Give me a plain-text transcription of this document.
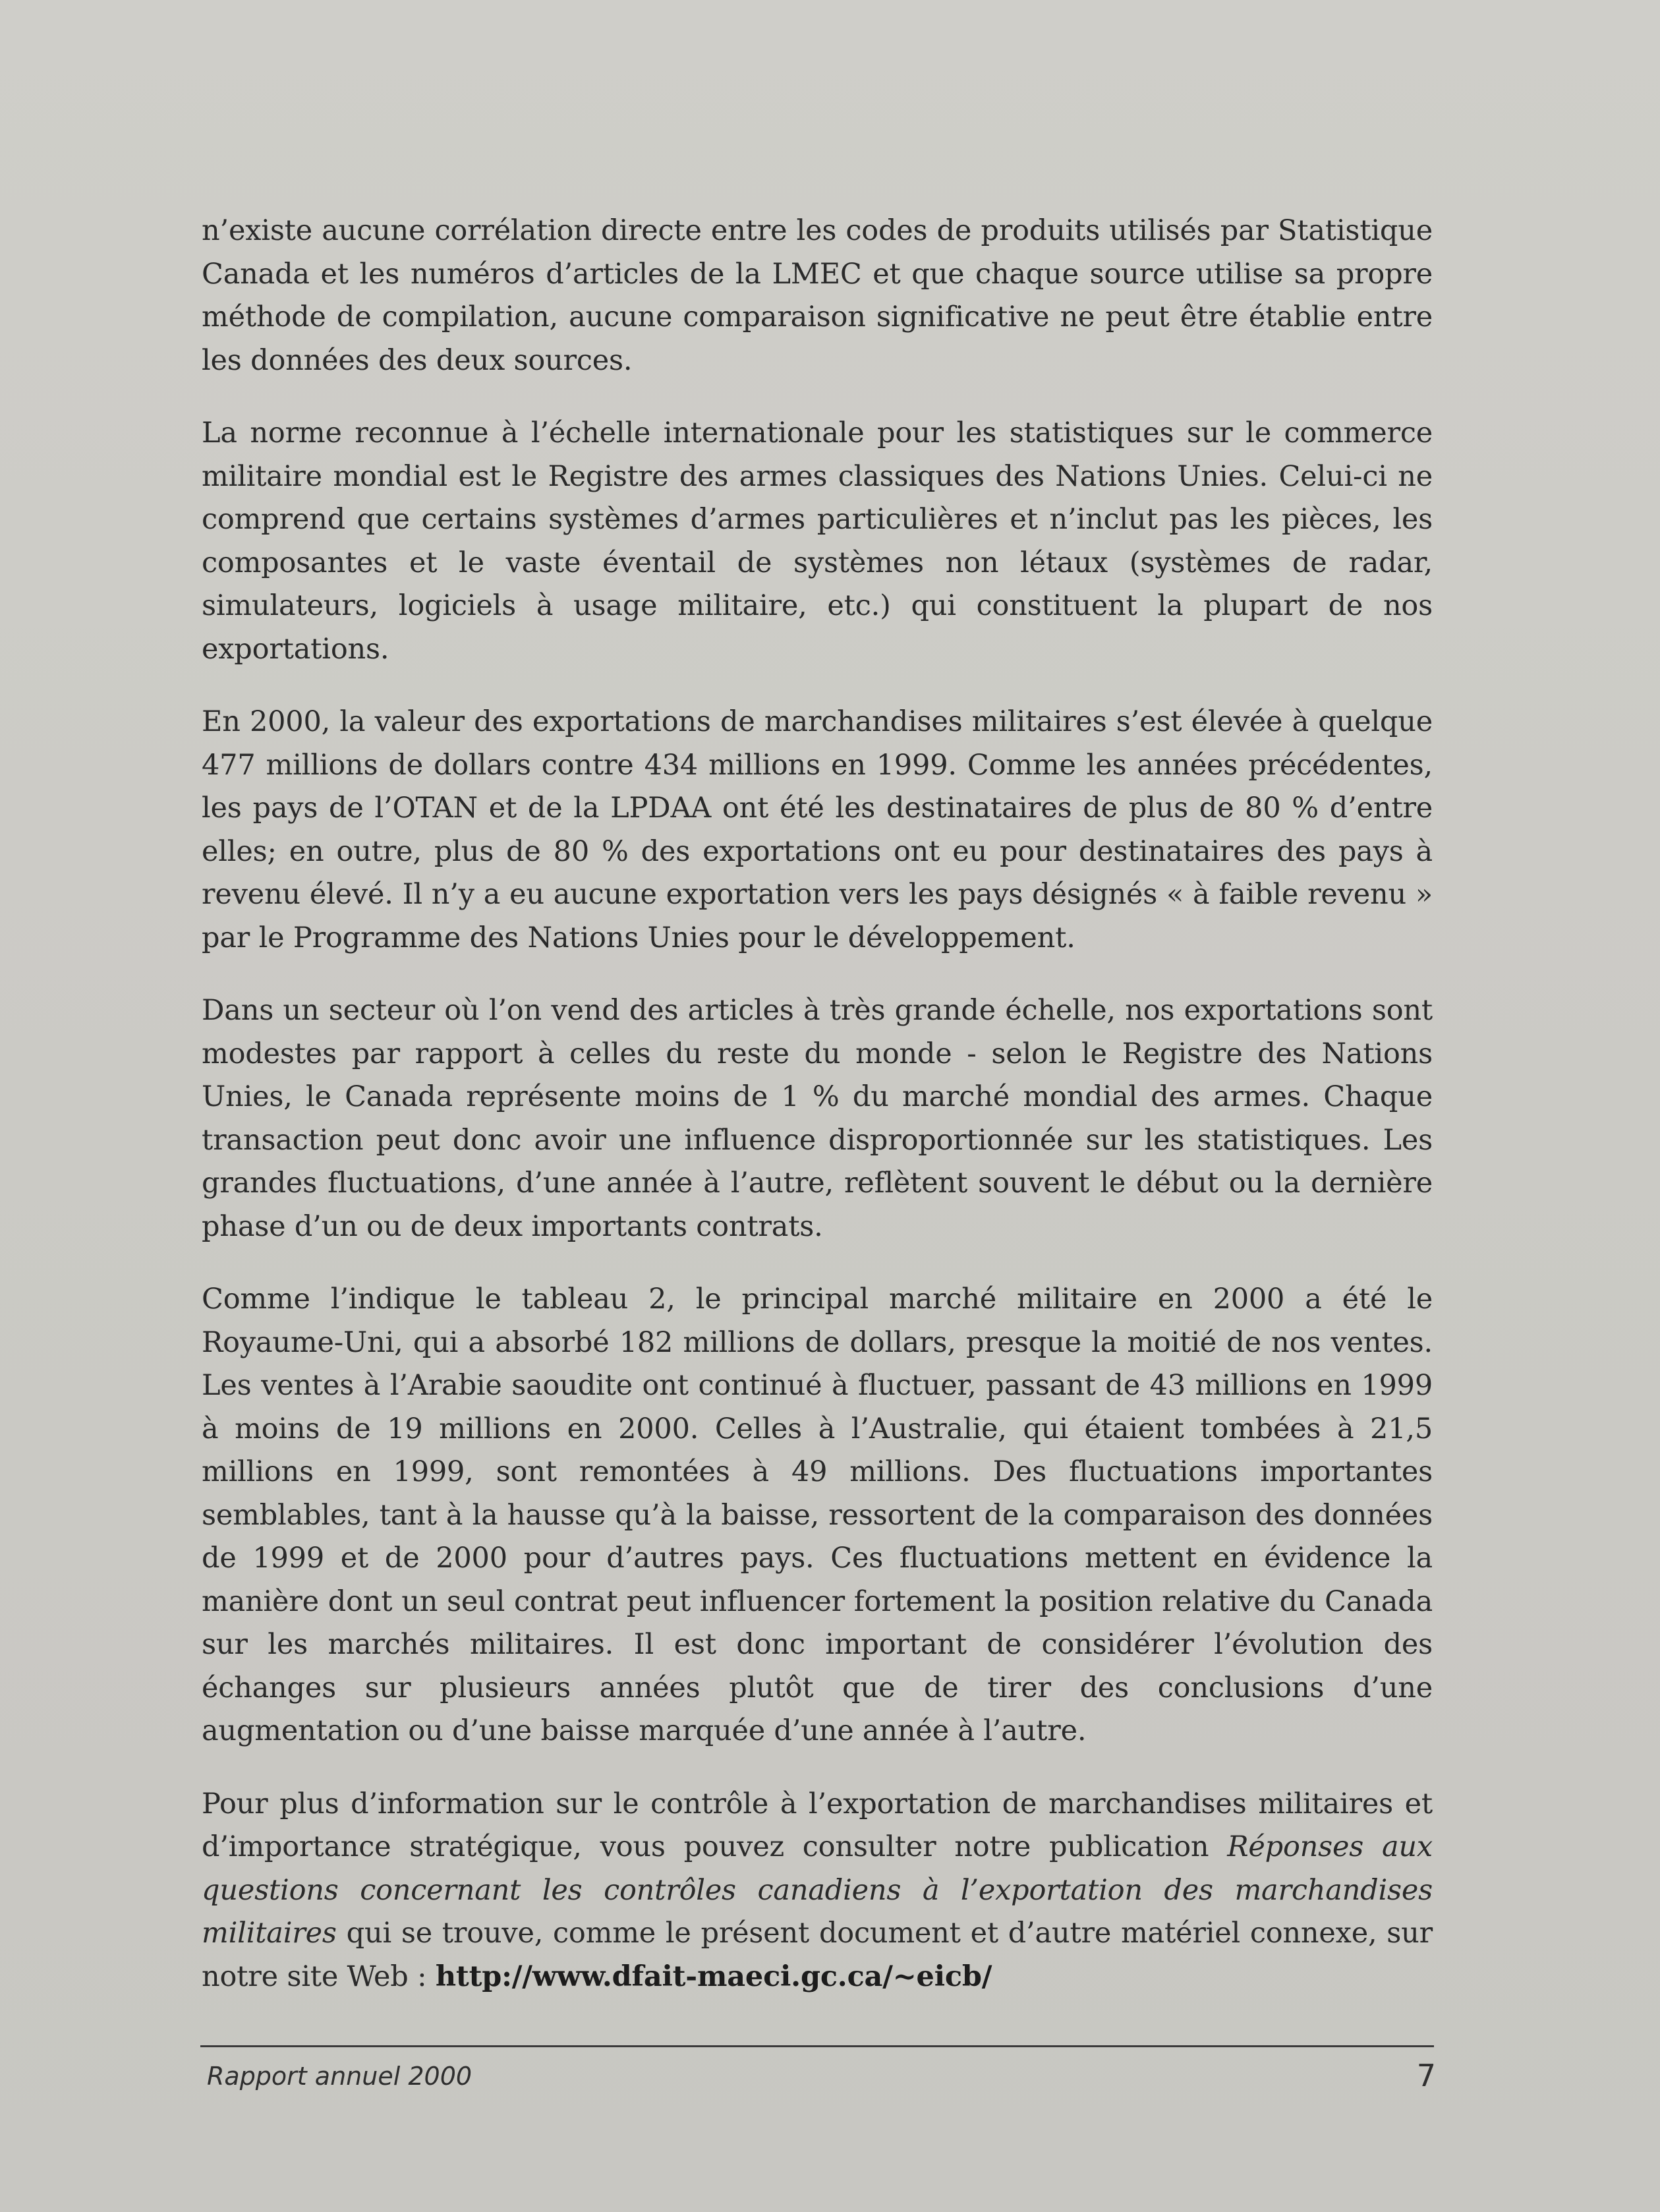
n’existe aucune corrélation directe entre les codes de produits utilisés par Statistique Canada et les numéros d’articles de la LMEC et que chaque source utilise sa propre méthode de compilation, aucune comparaison significative ne peut être établie entre les données des deux sources.

La norme reconnue à l’échelle internationale pour les statistiques sur le commerce militaire mondial est le Registre des armes classiques des Nations Unies. Celui-ci ne comprend que certains systèmes d’armes particulières et n’inclut pas les pièces, les composantes et le vaste éventail de systèmes non létaux (systèmes de radar, simulateurs, logiciels à usage militaire, etc.) qui constituent la plupart de nos exportations.

En 2000, la valeur des exportations de marchandises militaires s’est élevée à quelque 477 millions de dollars contre 434 millions en 1999. Comme les années précédentes, les pays de l’OTAN et de la LPDAA ont été les destinataires de plus de 80 % d’entre elles; en outre, plus de 80 % des exportations ont eu pour destinataires des pays à revenu élevé. Il n’y a eu aucune exportation vers les pays désignés « à faible revenu » par le Programme des Nations Unies pour le développement.

Dans un secteur où l’on vend des articles à très grande échelle, nos exportations sont modestes par rapport à celles du reste du monde - selon le Registre des Nations Unies, le Canada représente moins de 1 % du marché mondial des armes. Chaque transaction peut donc avoir une influence disproportionnée sur les statistiques. Les grandes fluctuations, d’une année à l’autre, reflètent souvent le début ou la dernière phase d’un ou de deux importants contrats.

Comme l’indique le tableau 2, le principal marché militaire en 2000 a été le Royaume-Uni, qui a absorbé 182 millions de dollars, presque la moitié de nos ventes. Les ventes à l’Arabie saoudite ont continué à fluctuer, passant de 43 millions en 1999 à moins de 19 millions en 2000. Celles à l’Australie, qui étaient tombées à 21,5 millions en 1999, sont remontées à 49 millions. Des fluctuations importantes semblables, tant à la hausse qu’à la baisse, ressortent de la comparaison des données de 1999 et de 2000 pour d’autres pays. Ces fluctuations mettent en évidence la manière dont un seul contrat peut influencer fortement la position relative du Canada sur les marchés militaires. Il est donc important de considérer l’évolution des échanges sur plusieurs années plutôt que de tirer des conclusions d’une augmentation ou d’une baisse marquée d’une année à l’autre.

Pour plus d’information sur le contrôle à l’exportation de marchandises militaires et d’importance stratégique, vous pouvez consulter notre publication Réponses aux questions concernant les contrôles canadiens à l’exportation des marchandises militaires qui se trouve, comme le présent document et d’autre matériel connexe, sur notre site Web : http://www.dfait-maeci.gc.ca/~eicb/

Rapport annuel 2000	7
